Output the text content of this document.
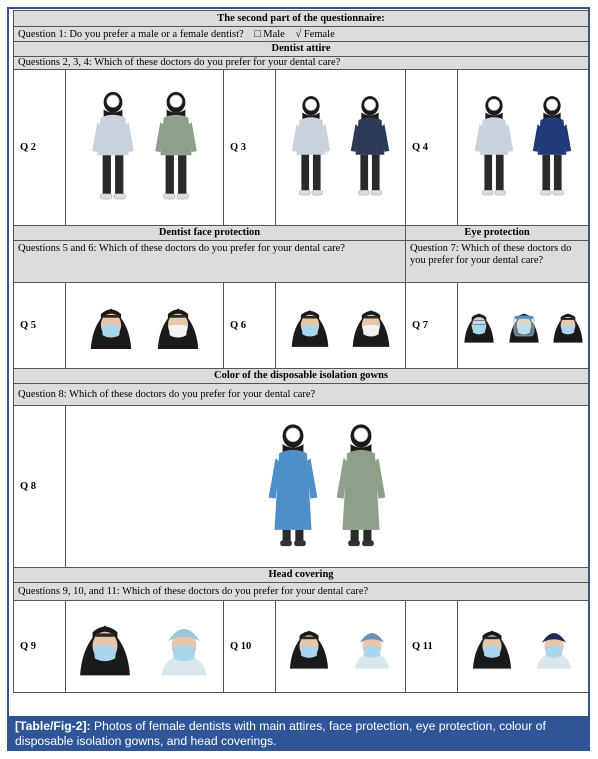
The second part of the questionnaire:					
Question 1: Do you prefer a male or a female dentist? □ Male √ Female					
Dentist attire					
Questions 2, 3, 4: Which of these doctors do you prefer for your dental care?					
Q 2		Q 3		Q 4	

Dentist face protection				Eye protection	
Questions 5 and 6: Which of these doctors do you prefer for your dental care?				Question 7: Which of these doctors do you prefer for your dental care?	
Q 5		Q 6		Q 7	

Color of the disposable isolation gowns					
Question 8: Which of these doctors do you prefer for your dental care?					
Q 8	

Head covering					
Questions 9, 10, and 11: Which of these doctors do you prefer for your dental care?					
Q 9		Q 10		Q 11	

[Table/Fig-2]: Photos of female dentists with main attires, face protection, eye protection, colour of disposable isolation gowns, and head coverings.
